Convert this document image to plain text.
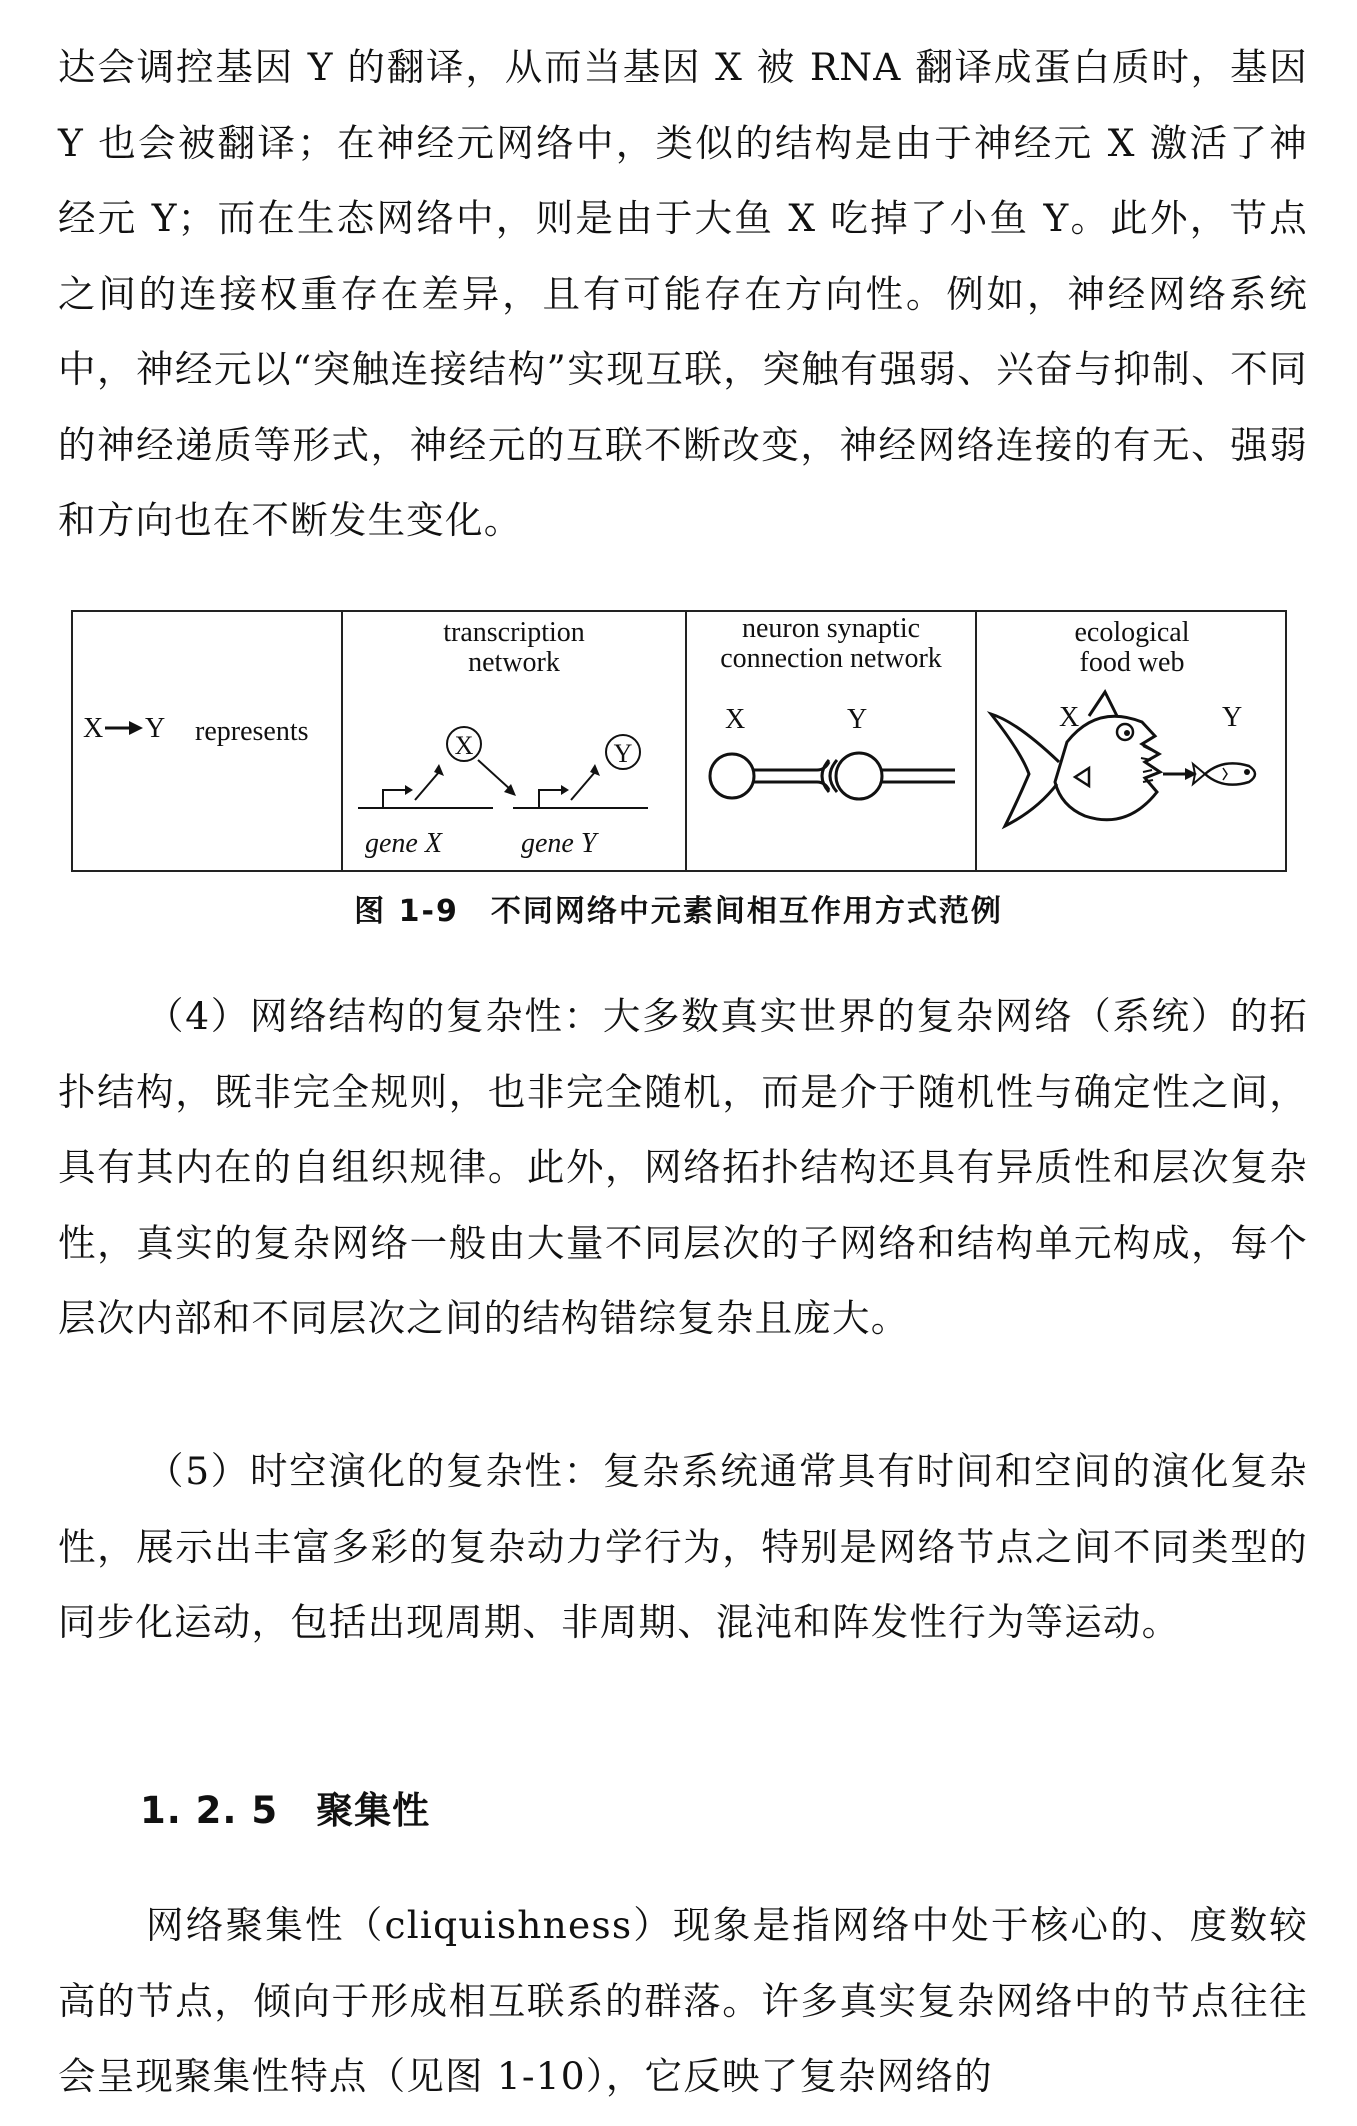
达会调控基因 Y 的翻译，从而当基因 X 被 RNA 翻译成蛋白质时，基因 Y 也会被翻译；在神经元网络中，类似的结构是由于神经元 X 激活了神经元 Y；而在生态网络中，则是由于大鱼 X 吃掉了小鱼 Y。此外，节点之间的连接权重存在差异，且有可能存在方向性。例如，神经网络系统中，神经元以“突触连接结构”实现互联，突触有强弱、兴奋与抑制、不同的神经递质等形式，神经元的互联不断改变，神经网络连接的有无、强弱和方向也在不断发生变化。
X Y represents
transcription
network
X	Y
gene X	gene Y
neuron synaptic
connection network
X	Y
ecological
food web
X	Y
图 1-9　不同网络中元素间相互作用方式范例
（4）网络结构的复杂性：大多数真实世界的复杂网络（系统）的拓扑结构，既非完全规则，也非完全随机，而是介于随机性与确定性之间，具有其内在的自组织规律。此外，网络拓扑结构还具有异质性和层次复杂性，真实的复杂网络一般由大量不同层次的子网络和结构单元构成，每个层次内部和不同层次之间的结构错综复杂且庞大。
（5）时空演化的复杂性：复杂系统通常具有时间和空间的演化复杂性，展示出丰富多彩的复杂动力学行为，特别是网络节点之间不同类型的同步化运动，包括出现周期、非周期、混沌和阵发性行为等运动。
1. 2. 5 聚集性
网络聚集性（cliquishness）现象是指网络中处于核心的、度数较高的节点，倾向于形成相互联系的群落。许多真实复杂网络中的节点往往会呈现聚集性特点（见图 1-10），它反映了复杂网络的
